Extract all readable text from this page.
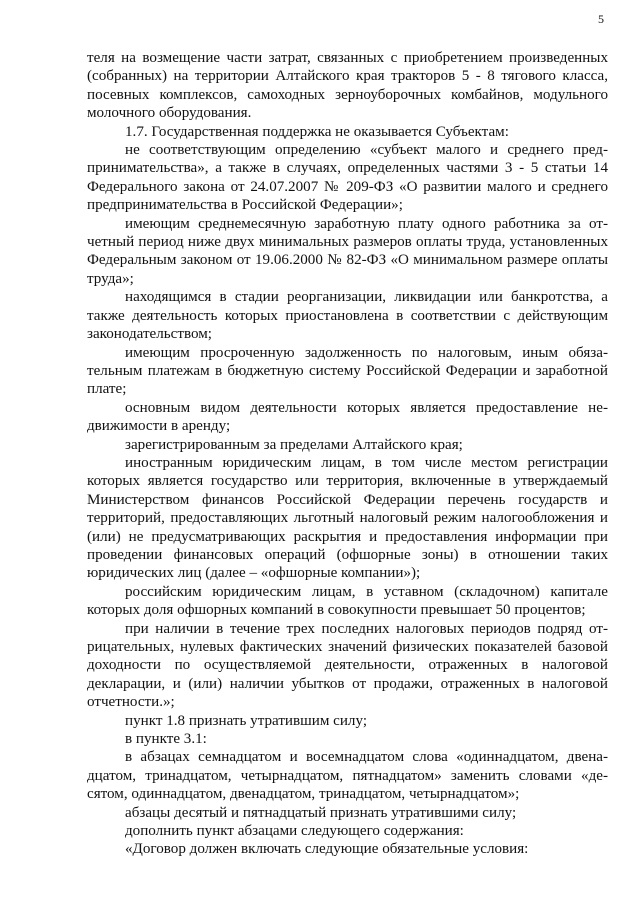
5

теля на возмещение части затрат, связанных с приобретением произведенных (собранных) на территории Алтайского края тракторов 5 - 8 тягового класса, посевных комплексов, самоходных зерноуборочных комбайнов, модульного молочного оборудования.

1.7. Государственная поддержка не оказывается Субъектам:

не соответствующим определению «субъект малого и среднего предпринимательства», а также в случаях, определенных частями 3 - 5 статьи 14 Федерального закона от 24.07.2007 № 209-ФЗ «О развитии малого и среднего предпринимательства в Российской Федерации»;

имеющим среднемесячную заработную плату одного работника за отчетный период ниже двух минимальных размеров оплаты труда, установленных Федеральным законом от 19.06.2000 № 82-ФЗ «О минимальном размере оплаты труда»;

находящимся в стадии реорганизации, ликвидации или банкротства, а также деятельность которых приостановлена в соответствии с действующим законодательством;

имеющим просроченную задолженность по налоговым, иным обязательным платежам в бюджетную систему Российской Федерации и заработной плате;

основным видом деятельности которых является предоставление недвижимости в аренду;

зарегистрированным за пределами Алтайского края;

иностранным юридическим лицам, в том числе местом регистрации которых является государство или территория, включенные в утверждаемый Министерством финансов Российской Федерации перечень государств и территорий, предоставляющих льготный налоговый режим налогообложения и (или) не предусматривающих раскрытия и предоставления информации при проведении финансовых операций (офшорные зоны) в отношении таких юридических лиц (далее – «офшорные компании»);

российским юридическим лицам, в уставном (складочном) капитале которых доля офшорных компаний в совокупности превышает 50 процентов;

при наличии в течение трех последних налоговых периодов подряд отрицательных, нулевых фактических значений физических показателей базовой доходности по осуществляемой деятельности, отраженных в налоговой декларации, и (или) наличии убытков от продажи, отраженных в налоговой отчетности.»;

пункт 1.8 признать утратившим силу;

в пункте 3.1:

в абзацах семнадцатом и восемнадцатом слова «одиннадцатом, двенадцатом, тринадцатом, четырнадцатом, пятнадцатом» заменить словами «десятом, одиннадцатом, двенадцатом, тринадцатом, четырнадцатом»;

абзацы десятый и пятнадцатый признать утратившими силу;

дополнить пункт абзацами следующего содержания:

«Договор должен включать следующие обязательные условия:
